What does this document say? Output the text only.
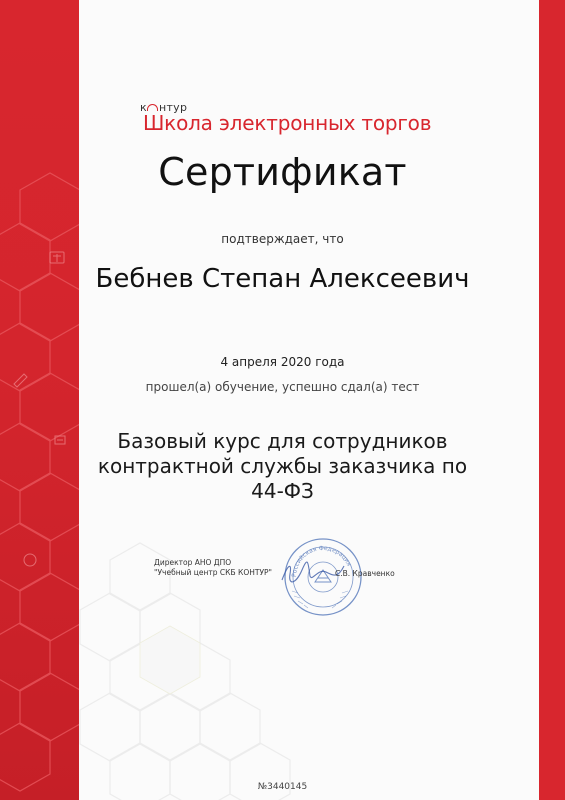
к нтур
Школа электронных торгов
Сертификат
подтверждает, что
Бебнев Степан Алексеевич
4 апреля 2020 года
прошел(а) обучение, успешно сдал(а) тест
Базовый курс для сотрудников контрактной службы заказчика по 44-ФЗ
Директор АНО ДПО
"Учебный центр СКБ КОНТУР"	Российская Федерация
С.В. Кравченко
№3440145
